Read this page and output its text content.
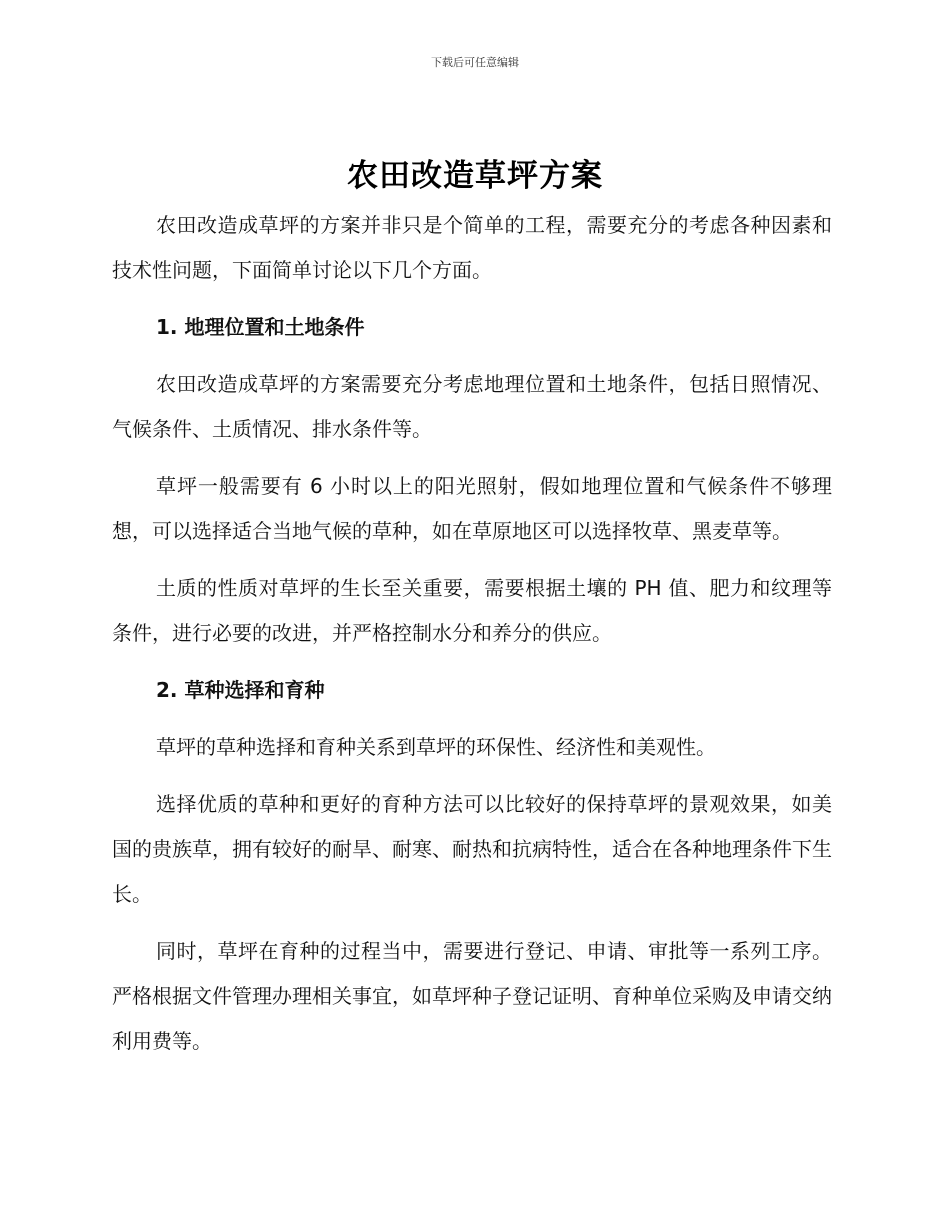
下载后可任意编辑
农田改造草坪方案

农田改造成草坪的方案并非只是个简单的工程，需要充分的考虑各种因素和技术性问题，下面简单讨论以下几个方面。

1. 地理位置和土地条件

农田改造成草坪的方案需要充分考虑地理位置和土地条件，包括日照情况、气候条件、土质情况、排水条件等。

草坪一般需要有 6 小时以上的阳光照射，假如地理位置和气候条件不够理想，可以选择适合当地气候的草种，如在草原地区可以选择牧草、黑麦草等。

土质的性质对草坪的生长至关重要，需要根据土壤的 PH 值、肥力和纹理等条件，进行必要的改进，并严格控制水分和养分的供应。

2. 草种选择和育种

草坪的草种选择和育种关系到草坪的环保性、经济性和美观性。

选择优质的草种和更好的育种方法可以比较好的保持草坪的景观效果，如美国的贵族草，拥有较好的耐旱、耐寒、耐热和抗病特性，适合在各种地理条件下生长。

同时，草坪在育种的过程当中，需要进行登记、申请、审批等一系列工序。严格根据文件管理办理相关事宜，如草坪种子登记证明、育种单位采购及申请交纳利用费等。
